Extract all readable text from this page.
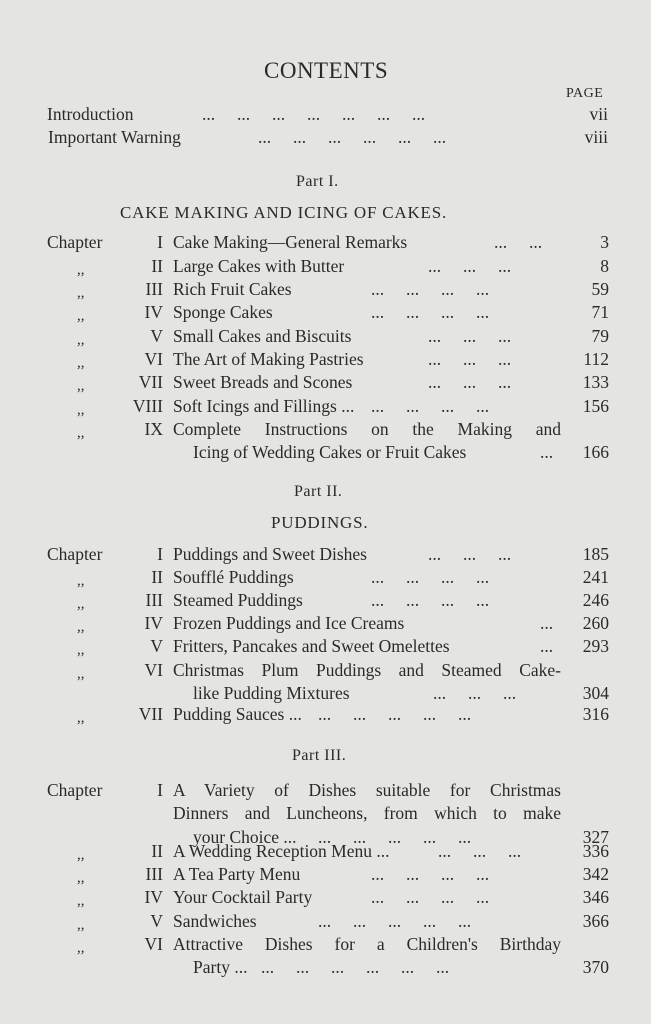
CONTENTS
PAGE
Introduction	...     ...     ...     ...     ...     ...     ...	vii
Important Warning	...     ...     ...     ...     ...     ...	viii
Part I.
CAKE MAKING AND ICING OF CAKES.
Chapter	I Cake Making—General Remarks	...     ...	3
,,	II Large Cakes with Butter	...     ...     ...	8
,,	III Rich Fruit Cakes	...     ...     ...     ...	59
,,	IV Sponge Cakes	...     ...     ...     ...	71
,,	V Small Cakes and Biscuits	...     ...     ...	79
,,	VI The Art of Making Pastries	...     ...     ...	112
,,	VII Sweet Breads and Scones	...     ...     ...	133
,,	VIII Soft Icings and Fillings ... ...     ...     ...     ...	156
,,	IX Complete Instructions on the Making and
Icing of Wedding Cakes or Fruit Cakes	...	166
Part II.
PUDDINGS.
Chapter	I Puddings and Sweet Dishes	...     ...     ...	185
,,	II Soufflé Puddings	...     ...     ...     ...	241
,,	III Steamed Puddings	...     ...     ...     ...	246
,,	IV Frozen Puddings and Ice Creams	...	260
,,	V Fritters, Pancakes and Sweet Omelettes	...	293
,,	VI Christmas Plum Puddings and Steamed Cake-
like Pudding Mixtures	...     ...     ...	304
,,	VII Pudding Sauces ... ...     ...     ...     ...     ...	316
Part III.
Chapter	I A Variety of Dishes suitable for Christmas
Dinners and Luncheons, from which to make
your Choice ... ...     ...     ...     ...     ...	327
,,	II A Wedding Reception Menu ...	...     ...     ...	336
,,	III A Tea Party Menu	...     ...     ...     ...	342
,,	IV Your Cocktail Party	...     ...     ...     ...	346
,,	V Sandwiches	...     ...     ...     ...     ...	366
,,	VI Attractive Dishes for a Children's Birthday
Party ... ...     ...     ...     ...     ...     ...	370
